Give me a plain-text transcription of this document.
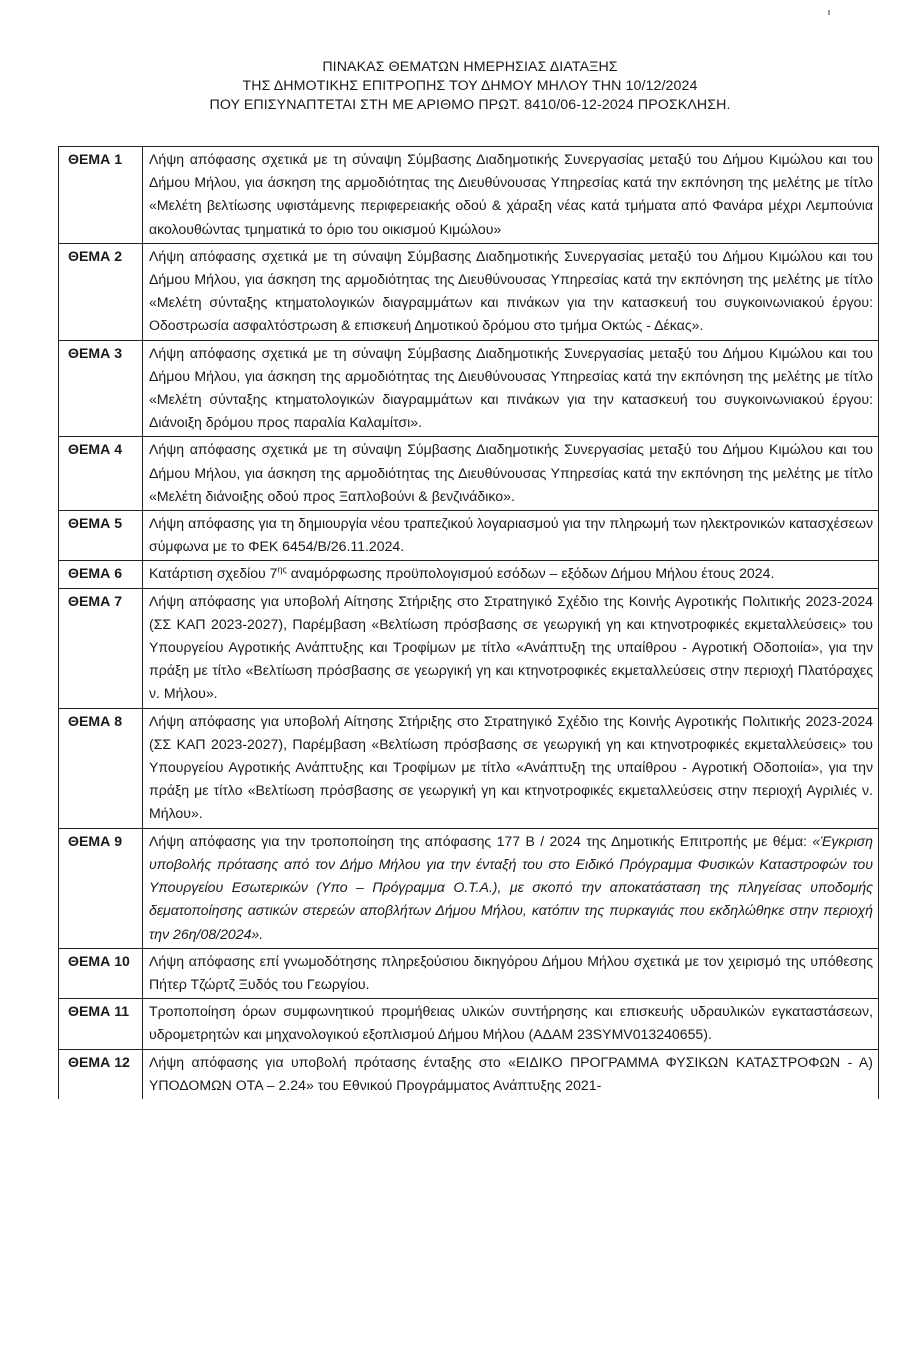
ΠΙΝΑΚΑΣ ΘΕΜΑΤΩΝ ΗΜΕΡΗΣΙΑΣ ΔΙΑΤΑΞΗΣ
ΤΗΣ ΔΗΜΟΤΙΚΗΣ ΕΠΙΤΡΟΠΗΣ ΤΟΥ ΔΗΜΟΥ ΜΗΛΟΥ ΤΗΝ 10/12/2024
ΠΟΥ ΕΠΙΣΥΝΑΠΤΕΤΑΙ ΣΤΗ ΜΕ ΑΡΙΘΜΟ ΠΡΩΤ. 8410/06-12-2024 ΠΡΟΣΚΛΗΣΗ.
ΘΕΜΑ 1	Λήψη απόφασης σχετικά με τη σύναψη Σύμβασης Διαδημοτικής Συνεργασίας μεταξύ του Δήμου Κιμώλου και του Δήμου Μήλου, για άσκηση της αρμοδιότητας της Διευθύνουσας Υπηρεσίας κατά την εκπόνηση της μελέτης με τίτλο «Μελέτη βελτίωσης υφιστάμενης περιφερειακής οδού & χάραξη νέας κατά τμήματα από Φανάρα μέχρι Λεμπούνια ακολουθώντας τμηματικά το όριο του οικισμού Κιμώλου»
ΘΕΜΑ 2	Λήψη απόφασης σχετικά με τη σύναψη Σύμβασης Διαδημοτικής Συνεργασίας μεταξύ του Δήμου Κιμώλου και του Δήμου Μήλου, για άσκηση της αρμοδιότητας της Διευθύνουσας Υπηρεσίας κατά την εκπόνηση της μελέτης με τίτλο «Μελέτη σύνταξης κτηματολογικών διαγραμμάτων και πινάκων για την κατασκευή του συγκοινωνιακού έργου: Οδοστρωσία ασφαλτόστρωση & επισκευή Δημοτικού δρόμου στο τμήμα Οκτώς - Δέκας».
ΘΕΜΑ 3	Λήψη απόφασης σχετικά με τη σύναψη Σύμβασης Διαδημοτικής Συνεργασίας μεταξύ του Δήμου Κιμώλου και του Δήμου Μήλου, για άσκηση της αρμοδιότητας της Διευθύνουσας Υπηρεσίας κατά την εκπόνηση της μελέτης με τίτλο «Μελέτη σύνταξης κτηματολογικών διαγραμμάτων και πινάκων για την κατασκευή του συγκοινωνιακού έργου: Διάνοιξη δρόμου προς παραλία Καλαμίτσι».
ΘΕΜΑ 4	Λήψη απόφασης σχετικά με τη σύναψη Σύμβασης Διαδημοτικής Συνεργασίας μεταξύ του Δήμου Κιμώλου και του Δήμου Μήλου, για άσκηση της αρμοδιότητας της Διευθύνουσας Υπηρεσίας κατά την εκπόνηση της μελέτης με τίτλο «Μελέτη διάνοιξης οδού προς Ξαπλοβούνι & βενζινάδικο».
ΘΕΜΑ 5	Λήψη απόφασης για τη δημιουργία νέου τραπεζικού λογαριασμού για την πληρωμή των ηλεκτρονικών κατασχέσεων σύμφωνα με το ΦΕΚ 6454/Β/26.11.2024.
ΘΕΜΑ 6	Κατάρτιση σχεδίου $7^{\eta\varsigma}$ αναμόρφωσης προϋπολογισμού εσόδων – εξόδων Δήμου Μήλου έτους 2024.
ΘΕΜΑ 7	Λήψη απόφασης για υποβολή Αίτησης Στήριξης στο Στρατηγικό Σχέδιο της Κοινής Αγροτικής Πολιτικής 2023-2024 (ΣΣ ΚΑΠ 2023-2027), Παρέμβαση «Βελτίωση πρόσβασης σε γεωργική γη και κτηνοτροφικές εκμεταλλεύσεις» του Υπουργείου Αγροτικής Ανάπτυξης και Τροφίμων με τίτλο «Ανάπτυξη της υπαίθρου - Αγροτική Οδοποιία», για την πράξη με τίτλο «Βελτίωση πρόσβασης σε γεωργική γη και κτηνοτροφικές εκμεταλλεύσεις στην περιοχή Πλατόραχες ν. Μήλου».
ΘΕΜΑ 8	Λήψη απόφασης για υποβολή Αίτησης Στήριξης στο Στρατηγικό Σχέδιο της Κοινής Αγροτικής Πολιτικής 2023-2024 (ΣΣ ΚΑΠ 2023-2027), Παρέμβαση «Βελτίωση πρόσβασης σε γεωργική γη και κτηνοτροφικές εκμεταλλεύσεις» του Υπουργείου Αγροτικής Ανάπτυξης και Τροφίμων με τίτλο «Ανάπτυξη της υπαίθρου - Αγροτική Οδοποιία», για την πράξη με τίτλο «Βελτίωση πρόσβασης σε γεωργική γη και κτηνοτροφικές εκμεταλλεύσεις στην περιοχή Αγριλιές ν. Μήλου».
ΘΕΜΑ 9	Λήψη απόφασης για την τροποποίηση της απόφασης 177 Β / 2024 της Δημοτικής Επιτροπής με θέμα: «Έγκριση υποβολής πρότασης από τον Δήμο Μήλου για την ένταξή του στο Ειδικό Πρόγραμμα Φυσικών Καταστροφών του Υπουργείου Εσωτερικών (Υπο – Πρόγραμμα Ο.Τ.Α.), με σκοπό την αποκατάσταση της πληγείσας υποδομής δεματοποίησης αστικών στερεών αποβλήτων Δήμου Μήλου, κατόπιν της πυρκαγιάς που εκδηλώθηκε στην περιοχή την 26η/08/2024».
ΘΕΜΑ 10	Λήψη απόφασης επί γνωμοδότησης πληρεξούσιου δικηγόρου Δήμου Μήλου σχετικά με τον χειρισμό της υπόθεσης Πήτερ Τζώρτζ Ξυδός του Γεωργίου.
ΘΕΜΑ 11	Τροποποίηση όρων συμφωνητικού προμήθειας υλικών συντήρησης και επισκευής υδραυλικών εγκαταστάσεων, υδρομετρητών και μηχανολογικού εξοπλισμού Δήμου Μήλου (ΑΔΑΜ 23SYMV013240655).
ΘΕΜΑ 12	Λήψη απόφασης για υποβολή πρότασης ένταξης στο «ΕΙΔΙΚΟ ΠΡΟΓΡΑΜΜΑ ΦΥΣΙΚΩΝ ΚΑΤΑΣΤΡΟΦΩΝ - Α) ΥΠΟΔΟΜΩΝ ΟΤΑ – 2.24» του Εθνικού Προγράμματος Ανάπτυξης 2021-
